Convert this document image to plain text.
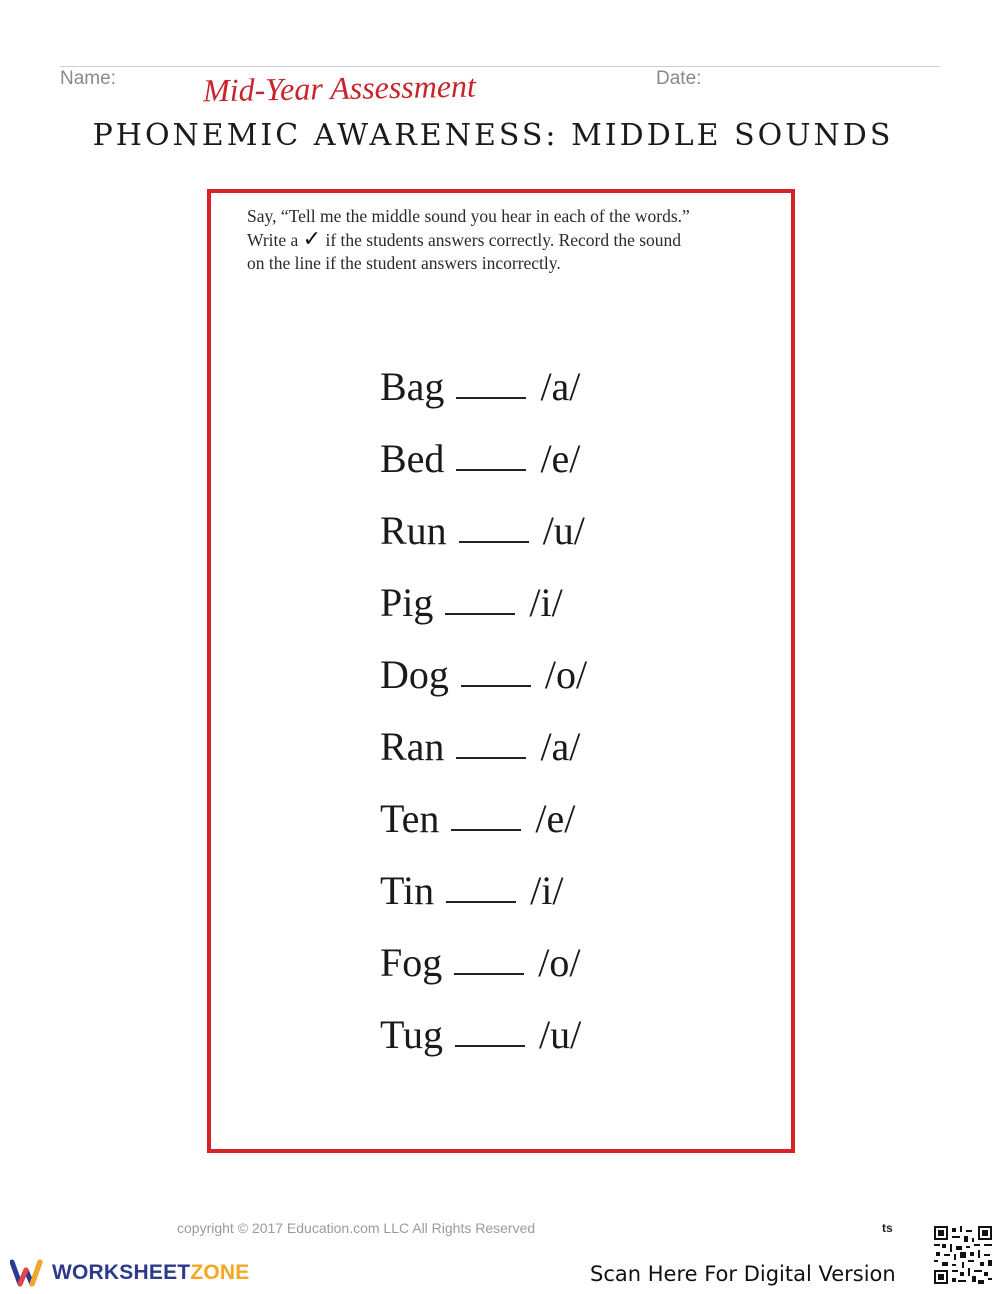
Name:	Date:
Mid-Year Assessment
PHONEMIC AWARENESS: MIDDLE SOUNDS
Say, “Tell me the middle sound you hear in each of the words.”
Write a ✓ if the students answers correctly. Record the sound
on the line if the student answers incorrectly.
Bag /a/
Bed /e/
Run /u/
Pig /i/
Dog /o/
Ran /a/
Ten /e/
Tin /i/
Fog /o/
Tug /u/
copyright © 2017 Education.com LLC All Rights Reserved	ts
WORKSHEETZONE	Scan Here For Digital Version
